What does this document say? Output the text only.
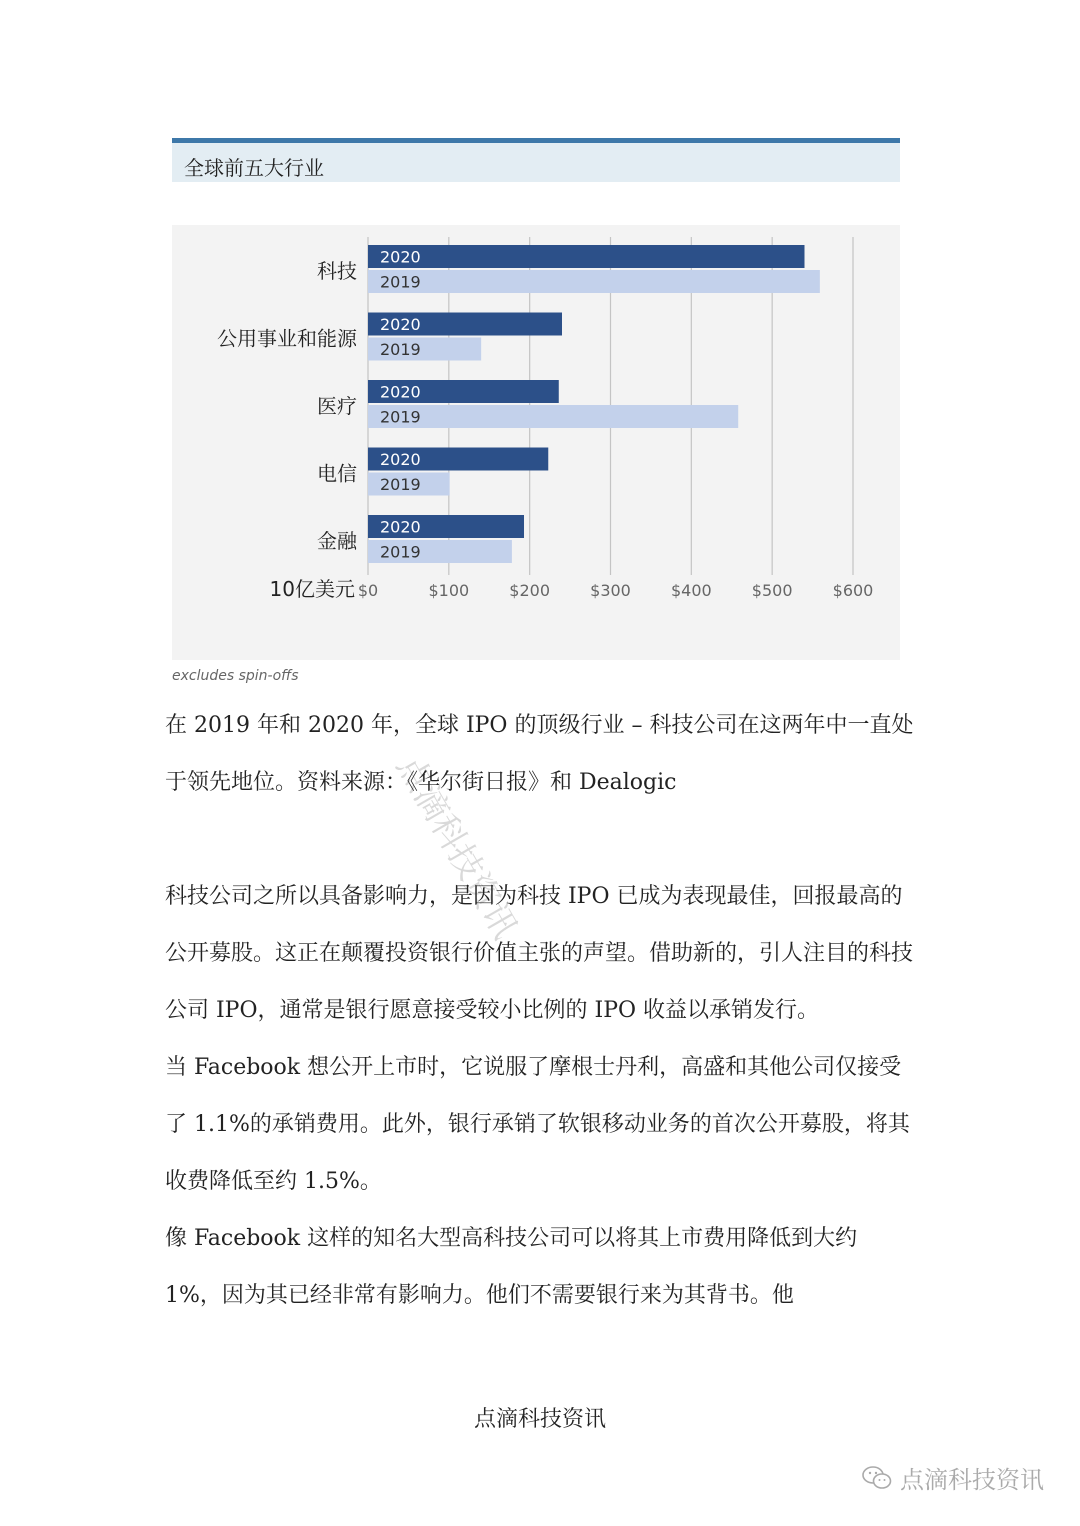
全球前五大行业
2020
2019
科技
2020
2019
公用事业和能源
2020
2019
医疗
2020
2019
电信
2020
2019
金融
$0	$100	$200	$300	$400	$500	$600
10亿美元
excludes spin-offs
点滴科技资讯

在 2019 年和 2020 年，全球 IPO 的顶级行业 – 科技公司在这两年中一直处于领先地位。资料来源：《华尔街日报》和 Dealogic

科技公司之所以具备影响力，是因为科技 IPO 已成为表现最佳，回报最高的公开募股。这正在颠覆投资银行价值主张的声望。借助新的，引人注目的科技公司 IPO，通常是银行愿意接受较小比例的 IPO 收益以承销发行。

当 Facebook 想公开上市时，它说服了摩根士丹利，高盛和其他公司仅接受了 1.1%的承销费用。此外，银行承销了软银移动业务的首次公开募股，将其收费降低至约 1.5%。

像 Facebook 这样的知名大型高科技公司可以将其上市费用降低到大约 1%，因为其已经非常有影响力。他们不需要银行来为其背书。他

点滴科技资讯
点滴科技资讯
